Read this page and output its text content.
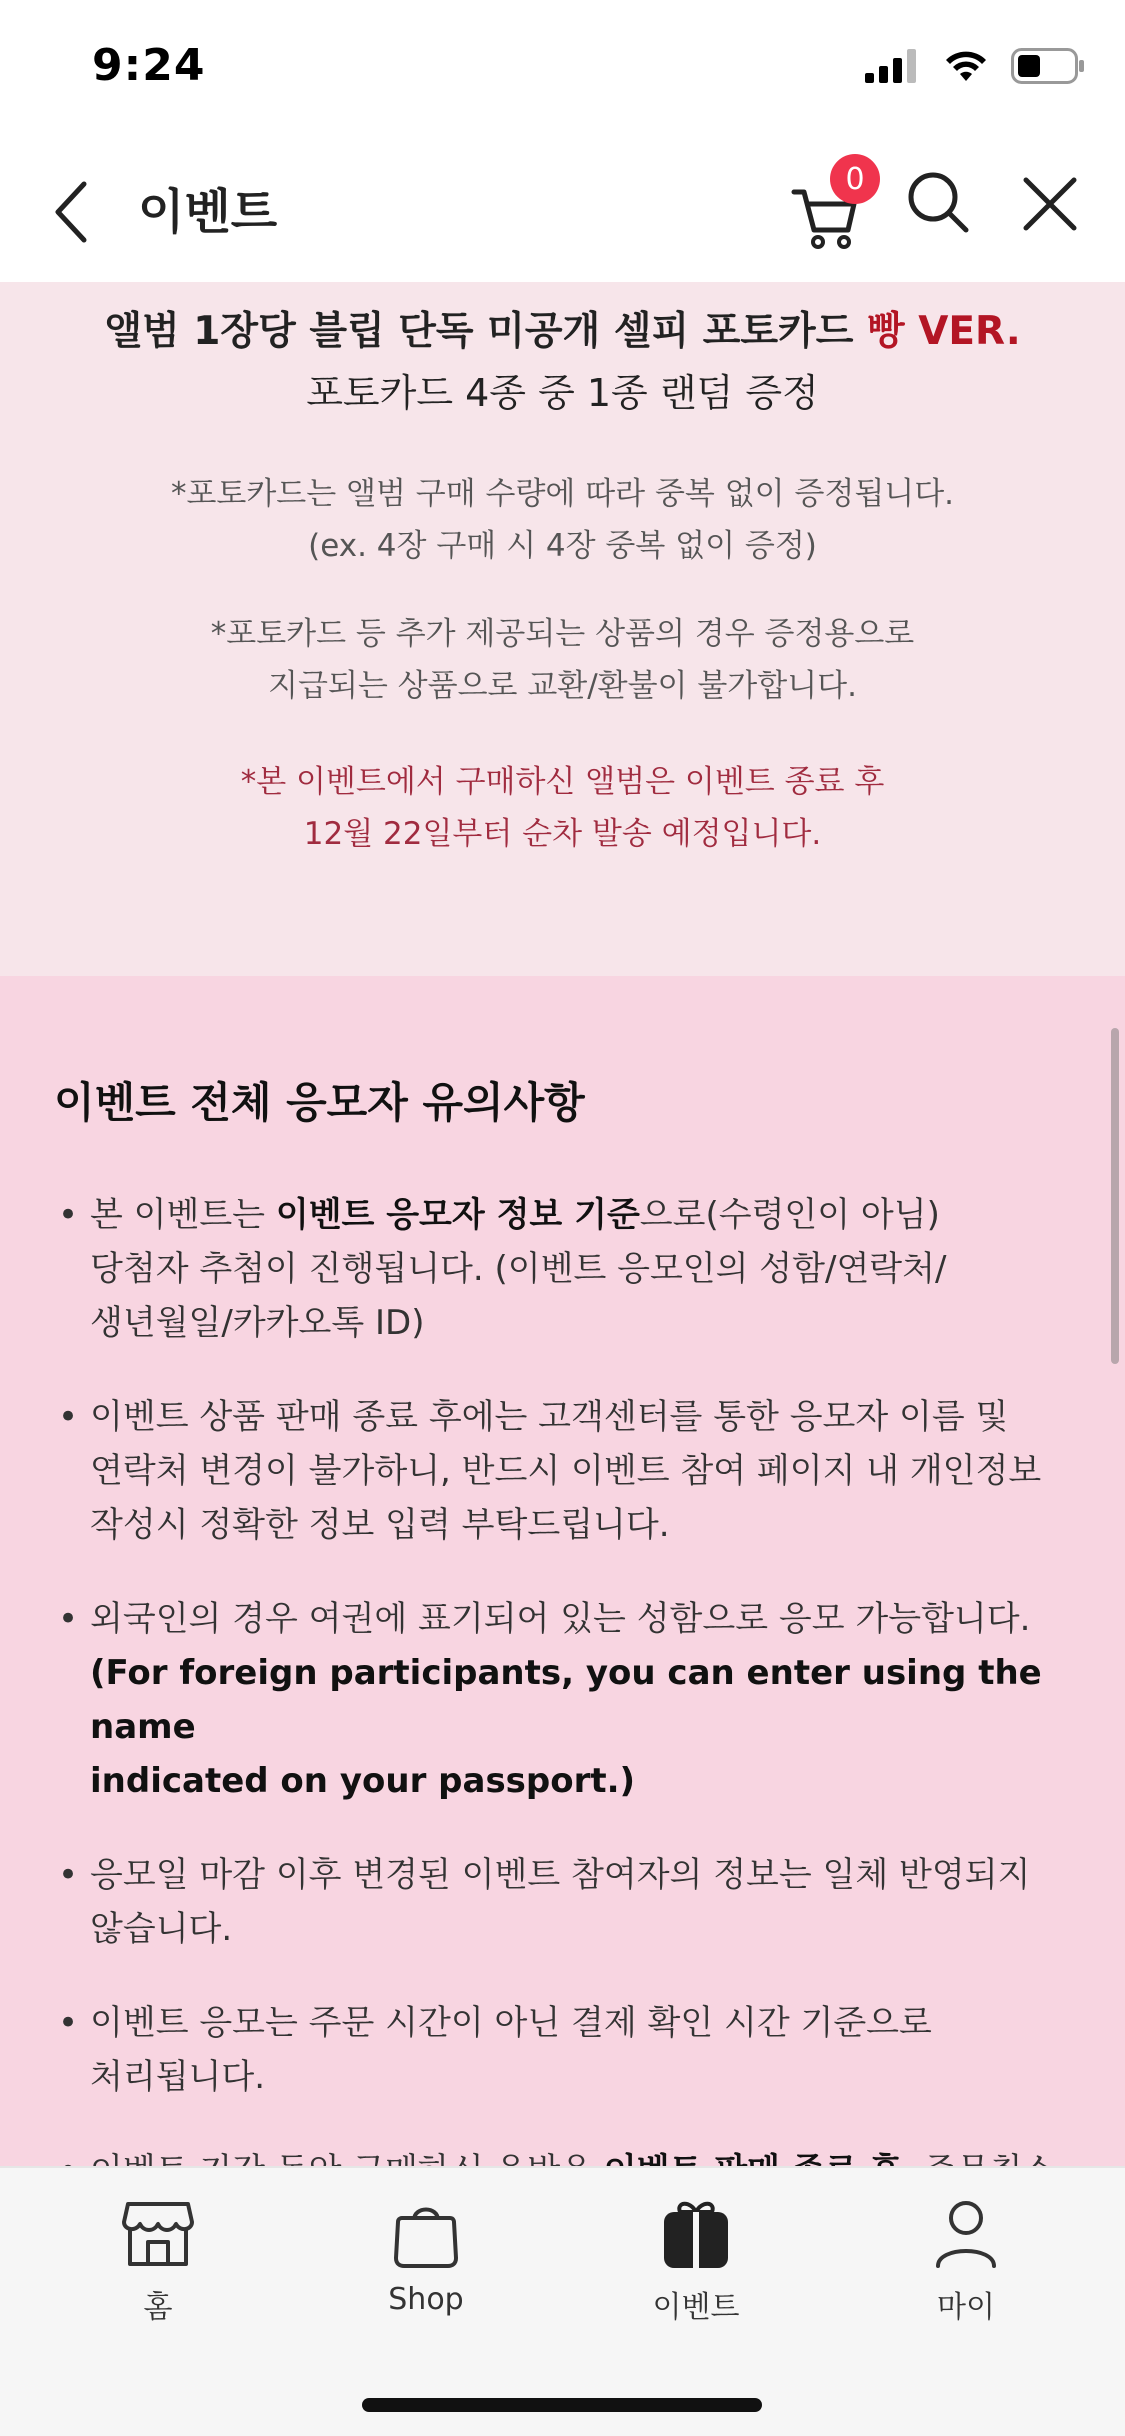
9:24
이벤트
0
앨범 1장당 블립 단독 미공개 셀피 포토카드 빵 VER.
포토카드 4종 중 1종 랜덤 증정
*포토카드는 앨범 구매 수량에 따라 중복 없이 증정됩니다.
(ex. 4장 구매 시 4장 중복 없이 증정)
*포토카드 등 추가 제공되는 상품의 경우 증정용으로
지급되는 상품으로 교환/환불이 불가합니다.
*본 이벤트에서 구매하신 앨범은 이벤트 종료 후
12월 22일부터 순차 발송 예정입니다.
이벤트 전체 응모자 유의사항
• 본 이벤트는 이벤트 응모자 정보 기준으로(수령인이 아님)
당첨자 추첨이 진행됩니다. (이벤트 응모인의 성함/연락처/
생년월일/카카오톡 ID)
• 이벤트 상품 판매 종료 후에는 고객센터를 통한 응모자 이름 및
연락처 변경이 불가하니, 반드시 이벤트 참여 페이지 내 개인정보
작성시 정확한 정보 입력 부탁드립니다.
• 외국인의 경우 여권에 표기되어 있는 성함으로 응모 가능합니다.
(For foreign participants, you can enter using the name
indicated on your passport.)
• 응모일 마감 이후 변경된 이벤트 참여자의 정보는 일체 반영되지
않습니다.
• 이벤트 응모는 주문 시간이 아닌 결제 확인 시간 기준으로
처리됩니다.
홈	Shop	이벤트	마이
